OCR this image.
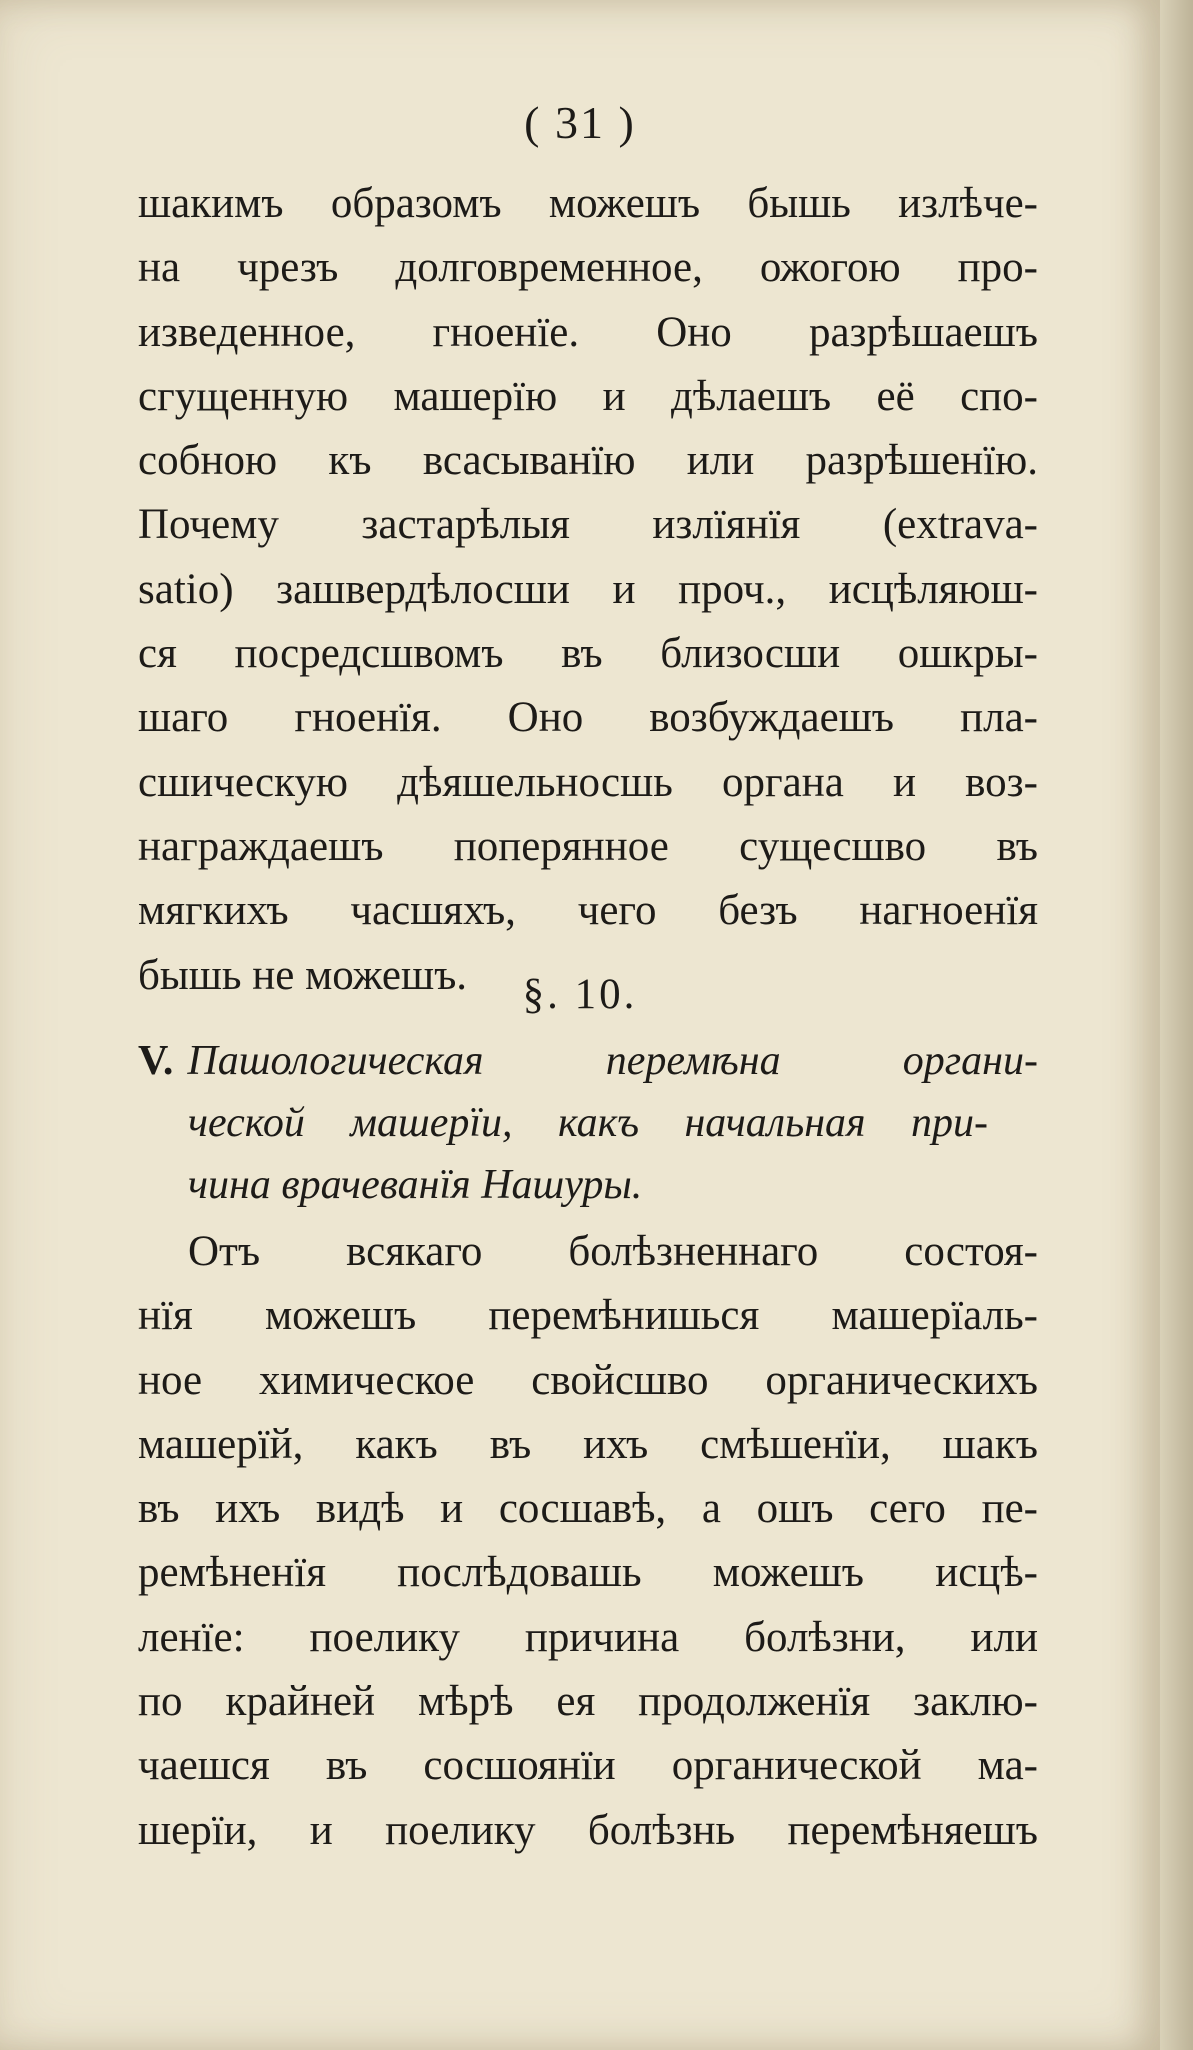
( 31 )
шакимъ образомъ можешъ бышь излѣче-
на чрезъ долговременное, ожогою про-
изведенное, гноенїе. Оно разрѣшаешъ
сгущенную машерїю и дѣлаешъ её спо-
собною къ всасыванїю или разрѣшенїю.
Почему застарѣлыя излїянїя (extrava-
satio) зашвердѣлосши и проч., исцѣляюш-
ся посредсшвомъ въ близосши ошкры-
шаго гноенїя. Оно возбуждаешъ пла-
сшическую дѣяшельносшь органа и воз-
награждаешъ поперянное сущесшво въ
мягкихъ часшяхъ, чего безъ нагноенїя
бышь не можешъ.	§. 10.
V. Пашологическая перемѣна органи-
ческой машерїи, какъ начальная при-
чина врачеванїя Нашуры.
Отъ всякаго болѣзненнаго состоя-
нїя можешъ перемѣнишься машерїаль-
ное химическое свойсшво органическихъ
машерїй, какъ въ ихъ смѣшенїи, шакъ
въ ихъ видѣ и сосшавѣ, а ошъ сего пе-
ремѣненїя послѣдовашь можешъ исцѣ-
ленїе: поелику причина болѣзни, или
по крайней мѣрѣ ея продолженїя заклю-
чаешся въ сосшоянїи органической ма-
шерїи, и поелику болѣзнь перемѣняешъ
